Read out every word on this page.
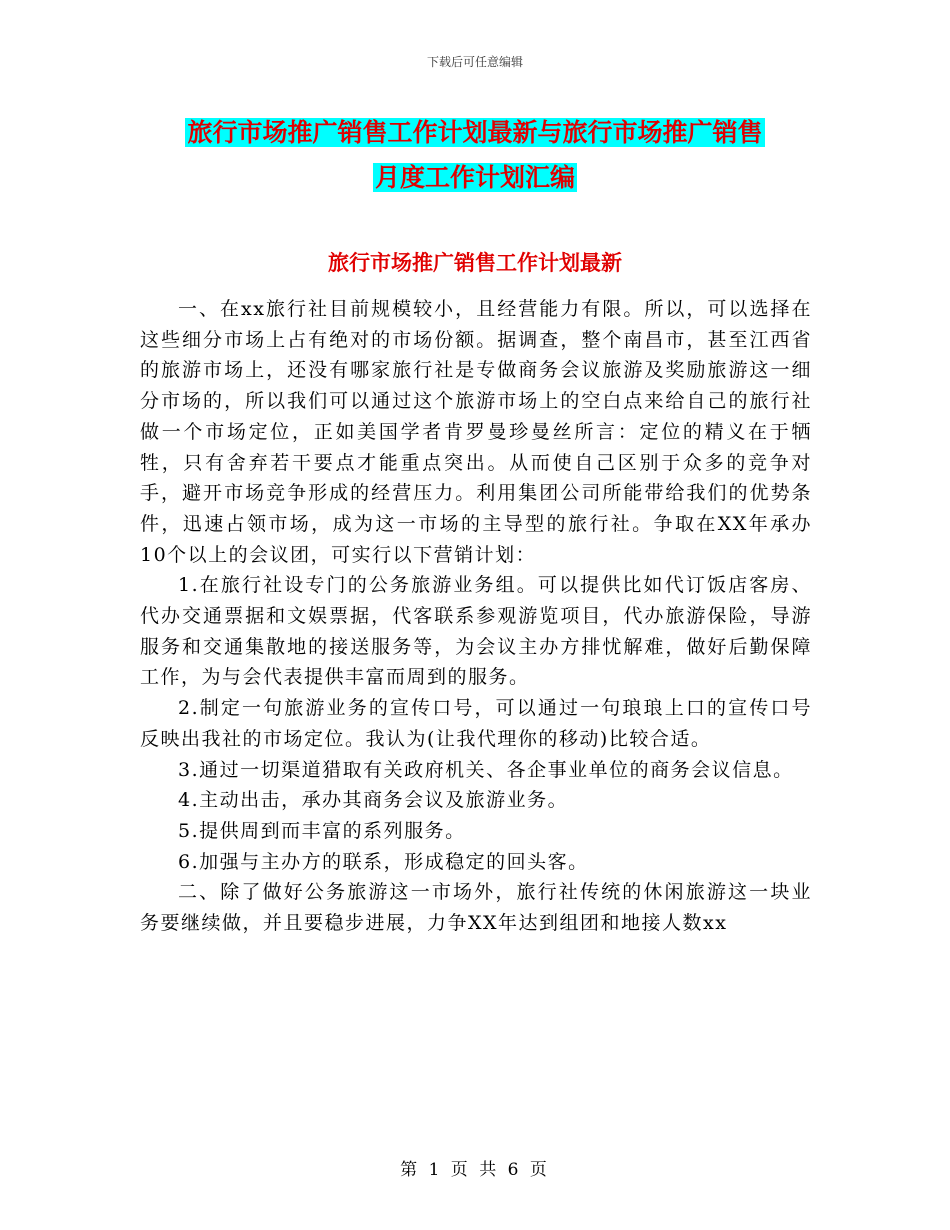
下载后可任意编辑
旅行市场推广销售工作计划最新与旅行市场推广销售
月度工作计划汇编
旅行市场推广销售工作计划最新

一、在xx旅行社目前规模较小，且经营能力有限。所以，可以选择在这些细分市场上占有绝对的市场份额。据调查，整个南昌市，甚至江西省的旅游市场上，还没有哪家旅行社是专做商务会议旅游及奖励旅游这一细分市场的，所以我们可以通过这个旅游市场上的空白点来给自己的旅行社做一个市场定位，正如美国学者肯罗曼珍曼丝所言：定位的精义在于牺牲，只有舍弃若干要点才能重点突出。从而使自己区别于众多的竞争对手，避开市场竞争形成的经营压力。利用集团公司所能带给我们的优势条件，迅速占领市场，成为这一市场的主导型的旅行社。争取在XX年承办10个以上的会议团，可实行以下营销计划：

1.在旅行社设专门的公务旅游业务组。可以提供比如代订饭店客房、代办交通票据和文娱票据，代客联系参观游览项目，代办旅游保险，导游服务和交通集散地的接送服务等，为会议主办方排忧解难，做好后勤保障工作，为与会代表提供丰富而周到的服务。

2.制定一句旅游业务的宣传口号，可以通过一句琅琅上口的宣传口号反映出我社的市场定位。我认为(让我代理你的移动)比较合适。

3.通过一切渠道猎取有关政府机关、各企事业单位的商务会议信息。

4.主动出击，承办其商务会议及旅游业务。

5.提供周到而丰富的系列服务。

6.加强与主办方的联系，形成稳定的回头客。

二、除了做好公务旅游这一市场外，旅行社传统的休闲旅游这一块业务要继续做，并且要稳步进展，力争XX年达到组团和地接人数xx

第 1 页 共 6 页
